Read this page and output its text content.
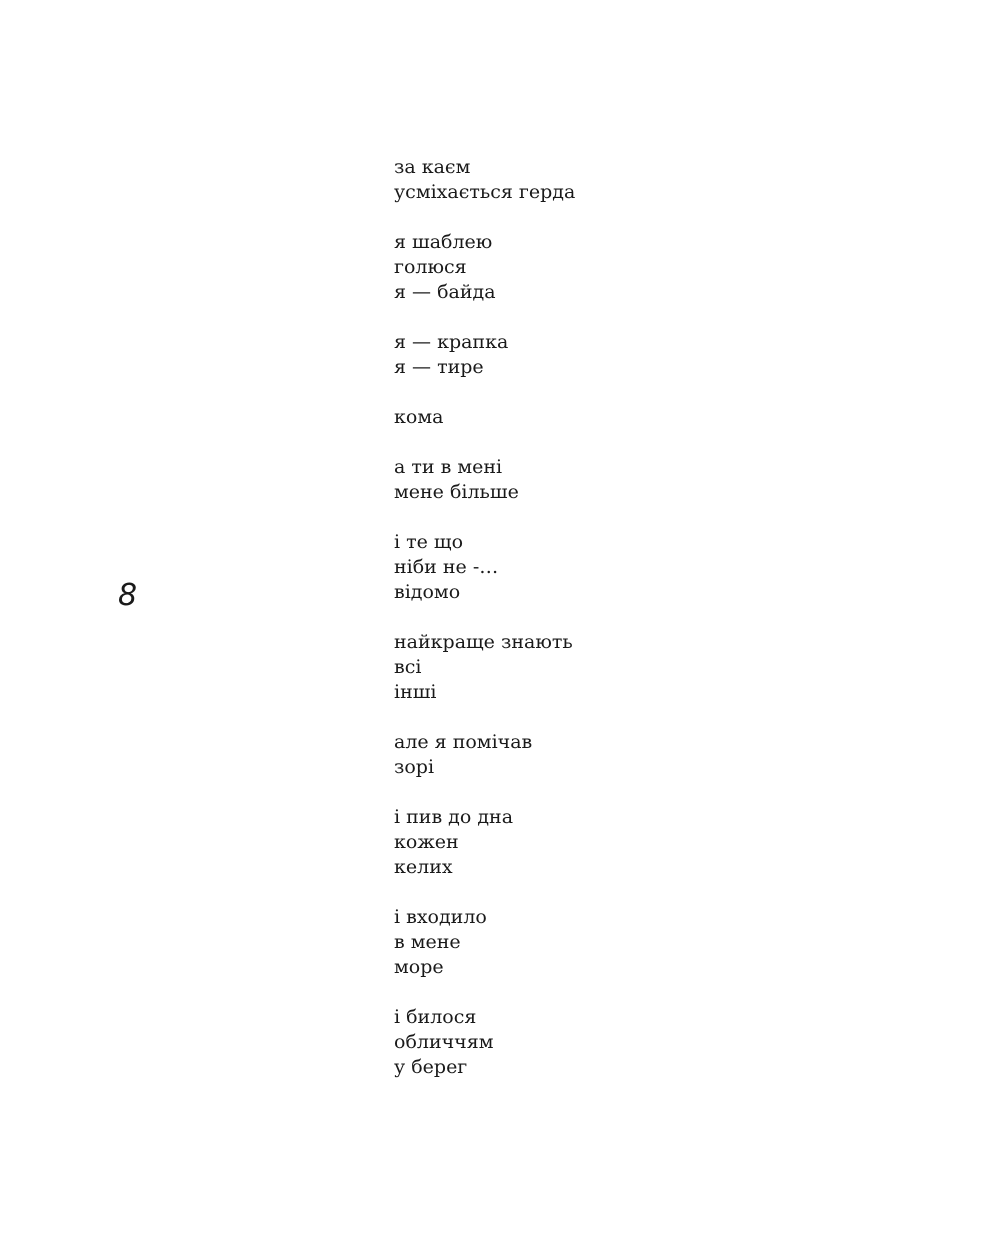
8
за каєм
усміхається герда
я шаблею
голюся
я — байда
я — крапка
я — тире
кома
а ти в мені
мене більше
і те що
ніби не -…
відомо
найкраще знають
всі
інші
але я помічав
зорі
і пив до дна
кожен
келих
і входило
в мене
море
і билося
обличчям
у берег
